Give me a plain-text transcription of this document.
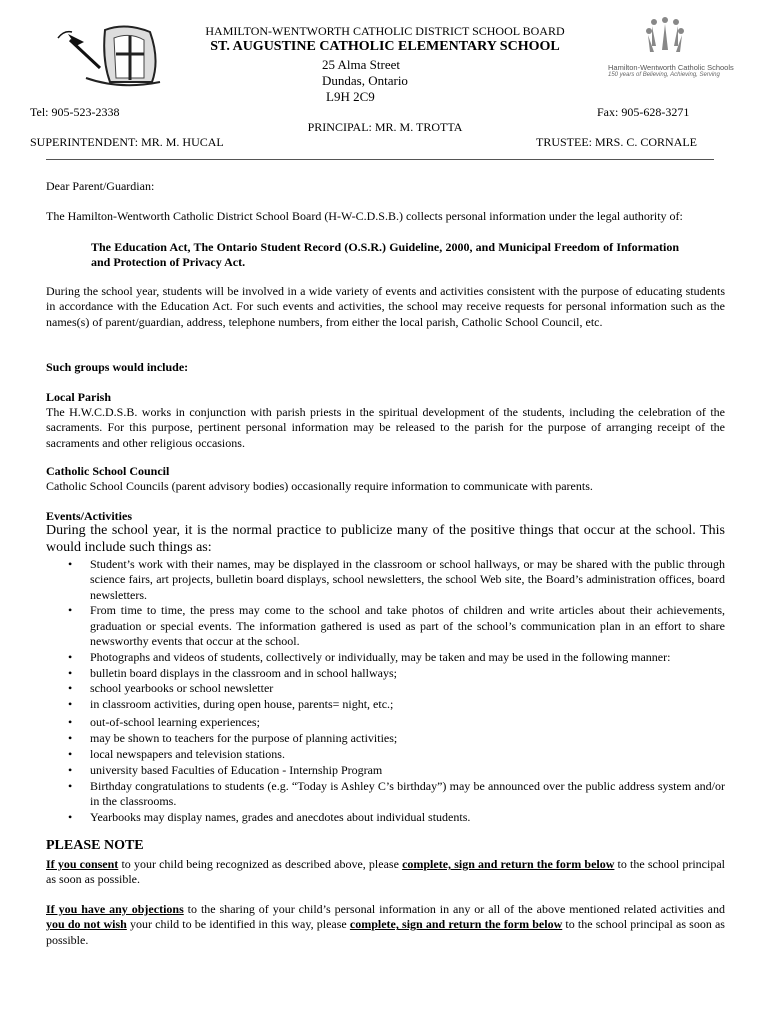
HAMILTON-WENTWORTH CATHOLIC DISTRICT SCHOOL BOARD
ST. AUGUSTINE CATHOLIC ELEMENTARY SCHOOL
25 Alma Street
Dundas, Ontario
L9H 2C9
Hamilton-Wentworth Catholic Schools
150 years of Believing, Achieving, Serving
Tel: 905-523-2338	Fax: 905-628-3271
PRINCIPAL: MR. M. TROTTA
SUPERINTENDENT: MR. M. HUCAL	TRUSTEE: MRS. C. CORNALE
Dear Parent/Guardian:
The Hamilton-Wentworth Catholic District School Board (H-W-C.D.S.B.) collects personal information under the legal authority of:
The Education Act, The Ontario Student Record (O.S.R.) Guideline, 2000, and Municipal Freedom of Information and Protection of Privacy Act.
During the school year, students will be involved in a wide variety of events and activities consistent with the purpose of educating students in accordance with the Education Act. For such events and activities, the school may receive requests for personal information such as the names(s) of parent/guardian, address, telephone numbers, from either the local parish, Catholic School Council, etc.
Such groups would include:
Local Parish
The H.W.C.D.S.B. works in conjunction with parish priests in the spiritual development of the students, including the celebration of the sacraments. For this purpose, pertinent personal information may be released to the parish for the purpose of arranging receipt of the sacraments and other religious occasions.
Catholic School Council
Catholic School Councils (parent advisory bodies) occasionally require information to communicate with parents.
Events/Activities
During the school year, it is the normal practice to publicize many of the positive things that occur at the school. This would include such things as:
• Student’s work with their names, may be displayed in the classroom or school hallways, or may be shared with the public through science fairs, art projects, bulletin board displays, school newsletters, the school Web site, the Board’s administration offices, board newsletters.
• From time to time, the press may come to the school and take photos of children and write articles about their achievements, graduation or special events. The information gathered is used as part of the school’s communication plan in an effort to share newsworthy events that occur at the school.
• Photographs and videos of students, collectively or individually, may be taken and may be used in the following manner:
• bulletin board displays in the classroom and in school hallways;
• school yearbooks or school newsletter
• in classroom activities, during open house, parents= night, etc.;
• out-of-school learning experiences;
• may be shown to teachers for the purpose of planning activities;
• local newspapers and television stations.
• university based Faculties of Education - Internship Program
• Birthday congratulations to students (e.g. “Today is Ashley C’s birthday”) may be announced over the public address system and/or in the classrooms.
• Yearbooks may display names, grades and anecdotes about individual students.
PLEASE NOTE
If you consent to your child being recognized as described above, please complete, sign and return the form below to the school principal as soon as possible.
If you have any objections to the sharing of your child’s personal information in any or all of the above mentioned related activities and you do not wish your child to be identified in this way, please complete, sign and return the form below to the school principal as soon as possible.
